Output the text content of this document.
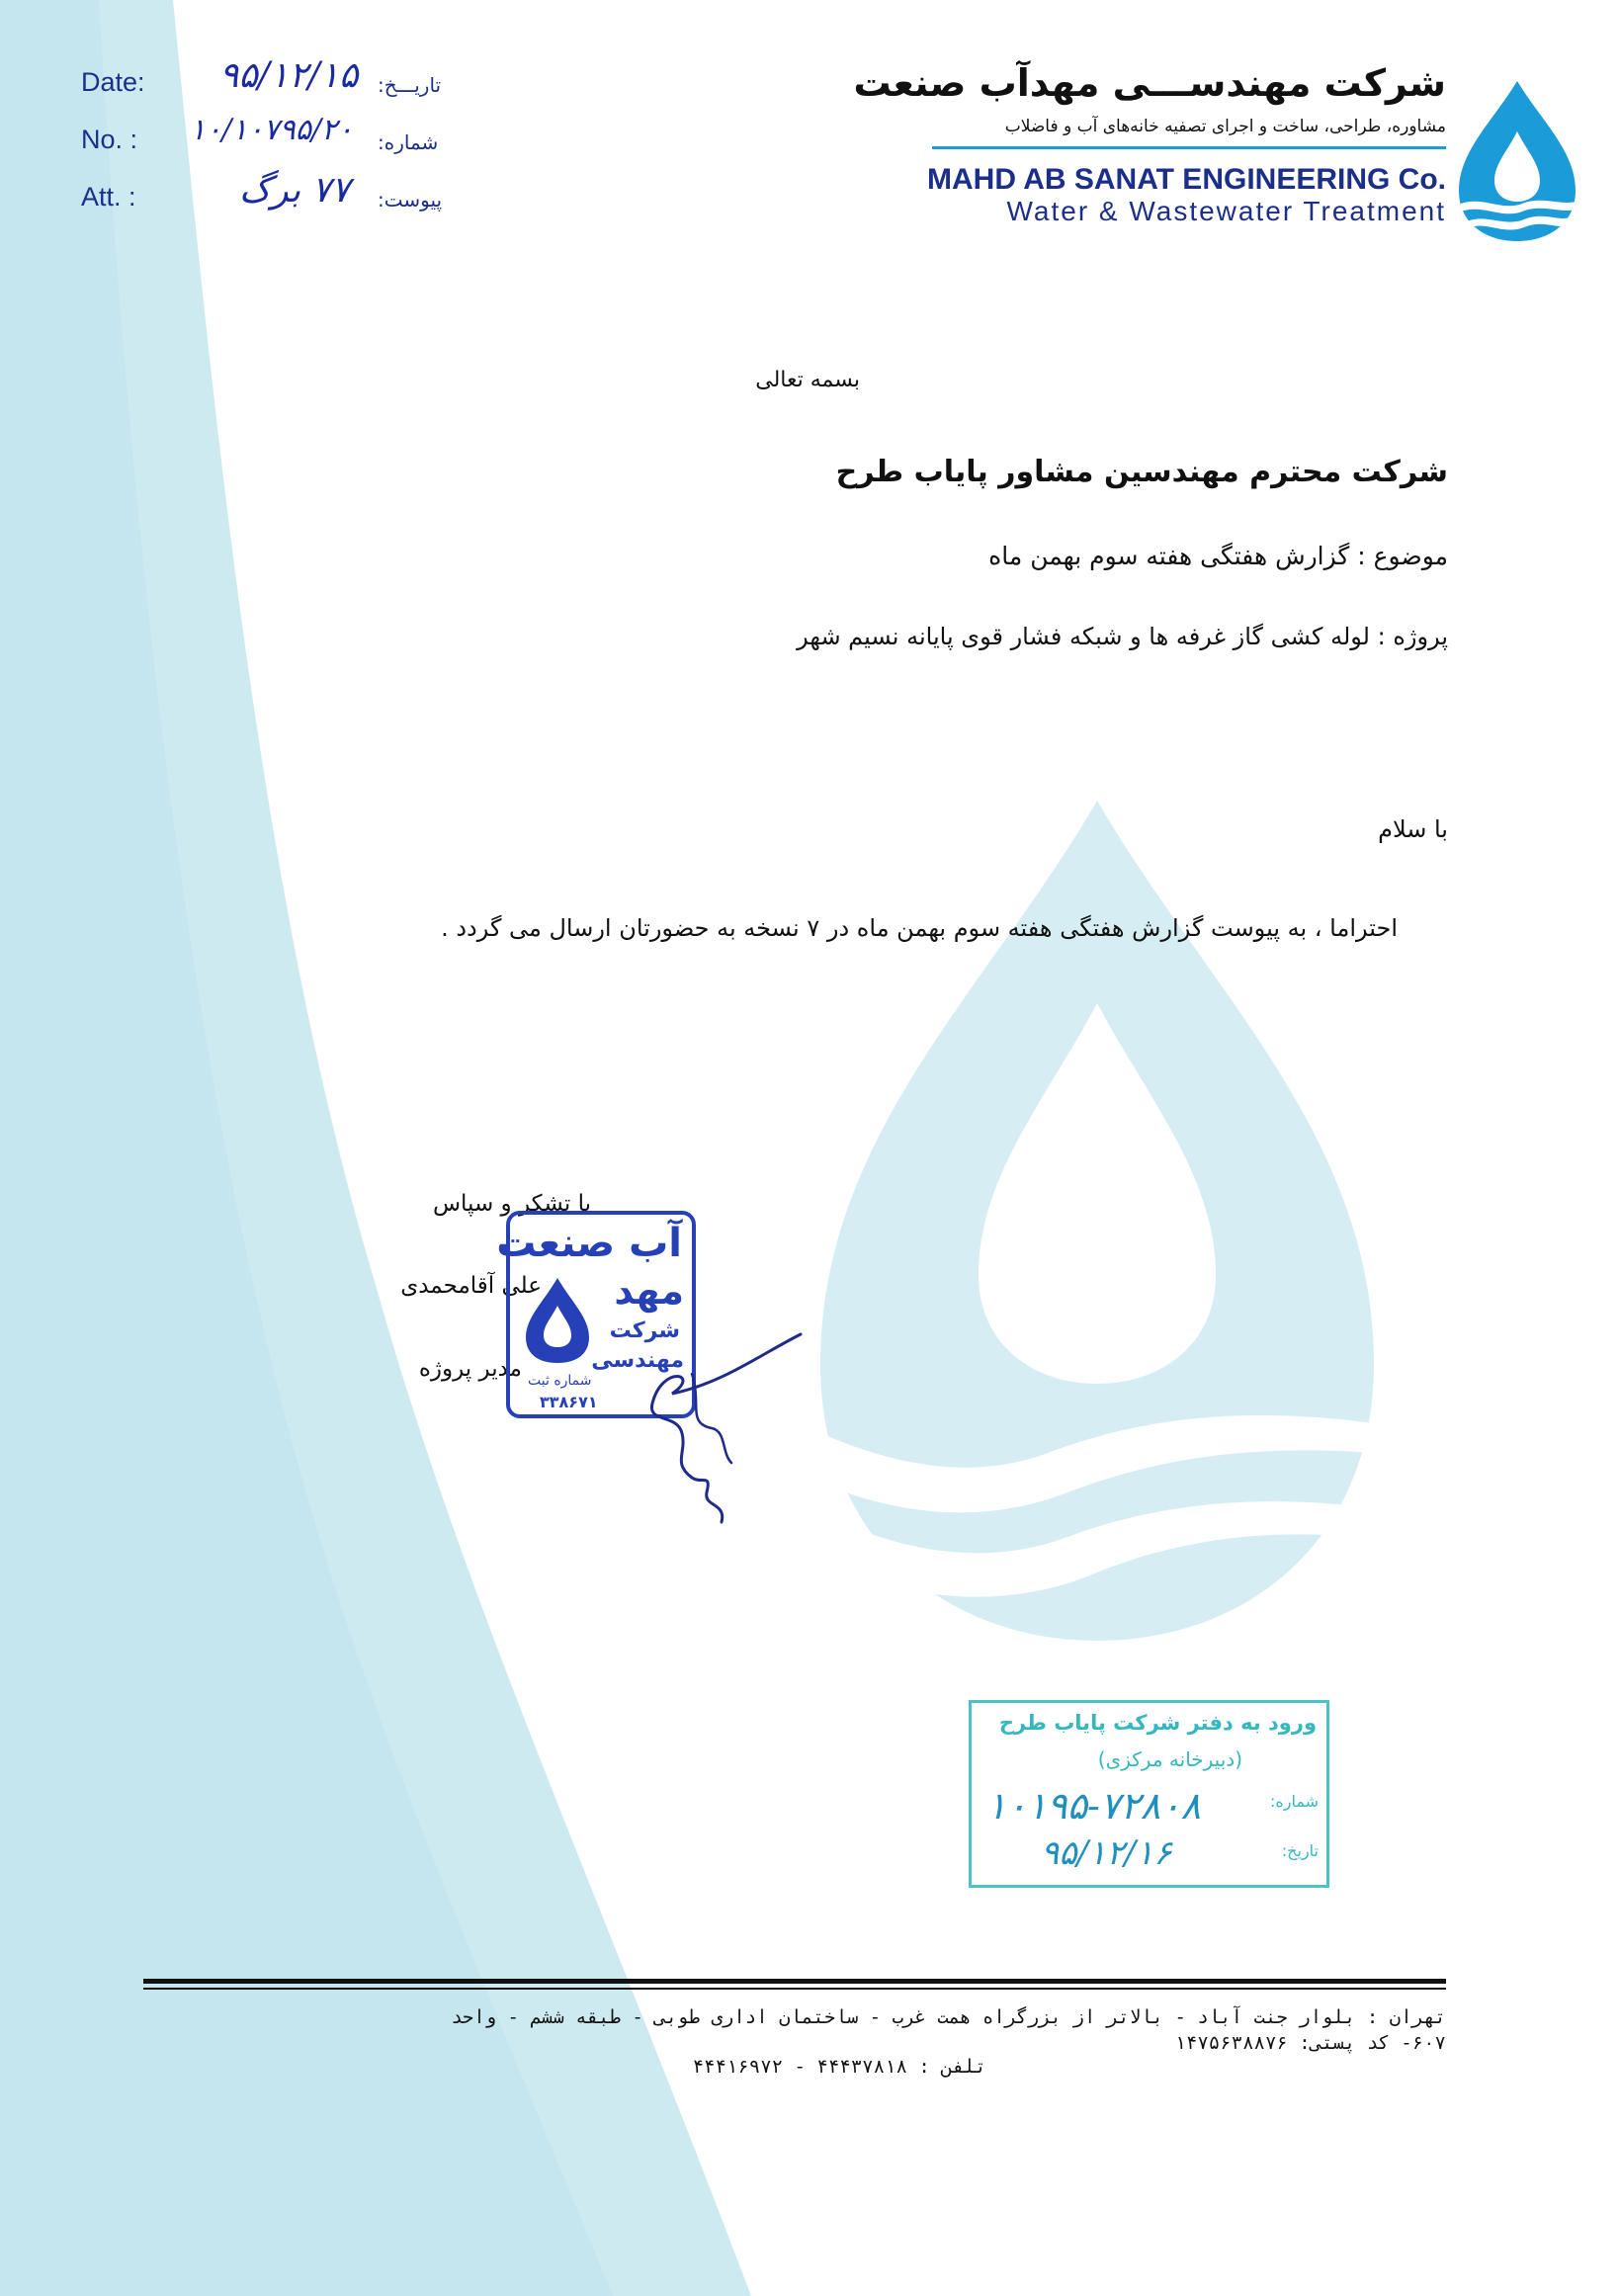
Date: ۹۵/۱۲/۱۵ تاریـــخ:
No. : ۱۰/۱۰۷۹۵/۲۰ شماره:
Att. :	۷۷ برگ پیوست:
شرکت مهندســـی مهدآب صنعت
مشاوره، طراحی، ساخت و اجرای تصفیه خانه‌های آب و فاضلاب
MAHD AB SANAT ENGINEERING Co.
Water & Wastewater Treatment
بسمه تعالی
شرکت محترم مهندسین مشاور پایاب طرح
موضوع : گزارش هفتگی هفته سوم بهمن ماه
پروژه : لوله کشی گاز غرفه ها و شبکه فشار قوی پایانه نسیم شهر
با سلام
احتراما ، به پیوست گزارش هفتگی هفته سوم بهمن ماه در ۷ نسخه به حضورتان ارسال می گردد .
با تشکر و سپاس
علی آقامحمدی
مدیر پروژه
آب صنعت
مهد
شرکت
مهندسی
شماره ثبت
۳۳۸۶۷۱
ورود به دفتر شرکت پایاب طرح
(دبیرخانه مرکزی)
شماره:
تاریخ:
۱۰۱۹۵-۷۲۸۰۸
۹۵/۱۲/۱۶
تهران : بلوار جنت آباد - بالاتر از بزرگراه همت غرب - ساختمان اداری طوبی - طبقه ششم - واحد
۶۰۷- کد پستی: ۱۴۷۵۶۳۸۸۷۶
تلفن : ۴۴۴۳۷۸۱۸ - ۴۴۴۱۶۹۷۲
